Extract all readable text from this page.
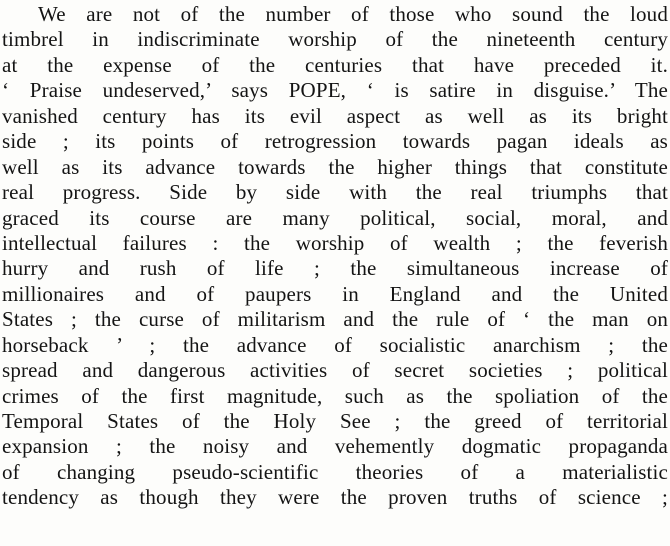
We are not of the number of those who sound the loud
timbrel in indiscriminate worship of the nineteenth century
at the expense of the centuries that have preceded it.
‘ Praise undeserved,’ says POPE, ‘ is satire in disguise.’ The
vanished century has its evil aspect as well as its bright
side ; its points of retrogression towards pagan ideals as
well as its advance towards the higher things that constitute
real progress. Side by side with the real triumphs that
graced its course are many political, social, moral, and
intellectual failures : the worship of wealth ; the feverish
hurry and rush of life ; the simultaneous increase of
millionaires and of paupers in England and the United
States ; the curse of militarism and the rule of ‘ the man on
horseback ’ ; the advance of socialistic anarchism ; the
spread and dangerous activities of secret societies ; political
crimes of the first magnitude, such as the spoliation of the
Temporal States of the Holy See ; the greed of territorial
expansion ; the noisy and vehemently dogmatic propaganda
of changing pseudo-scientific theories of a materialistic
tendency as though they were the proven truths of science ;
